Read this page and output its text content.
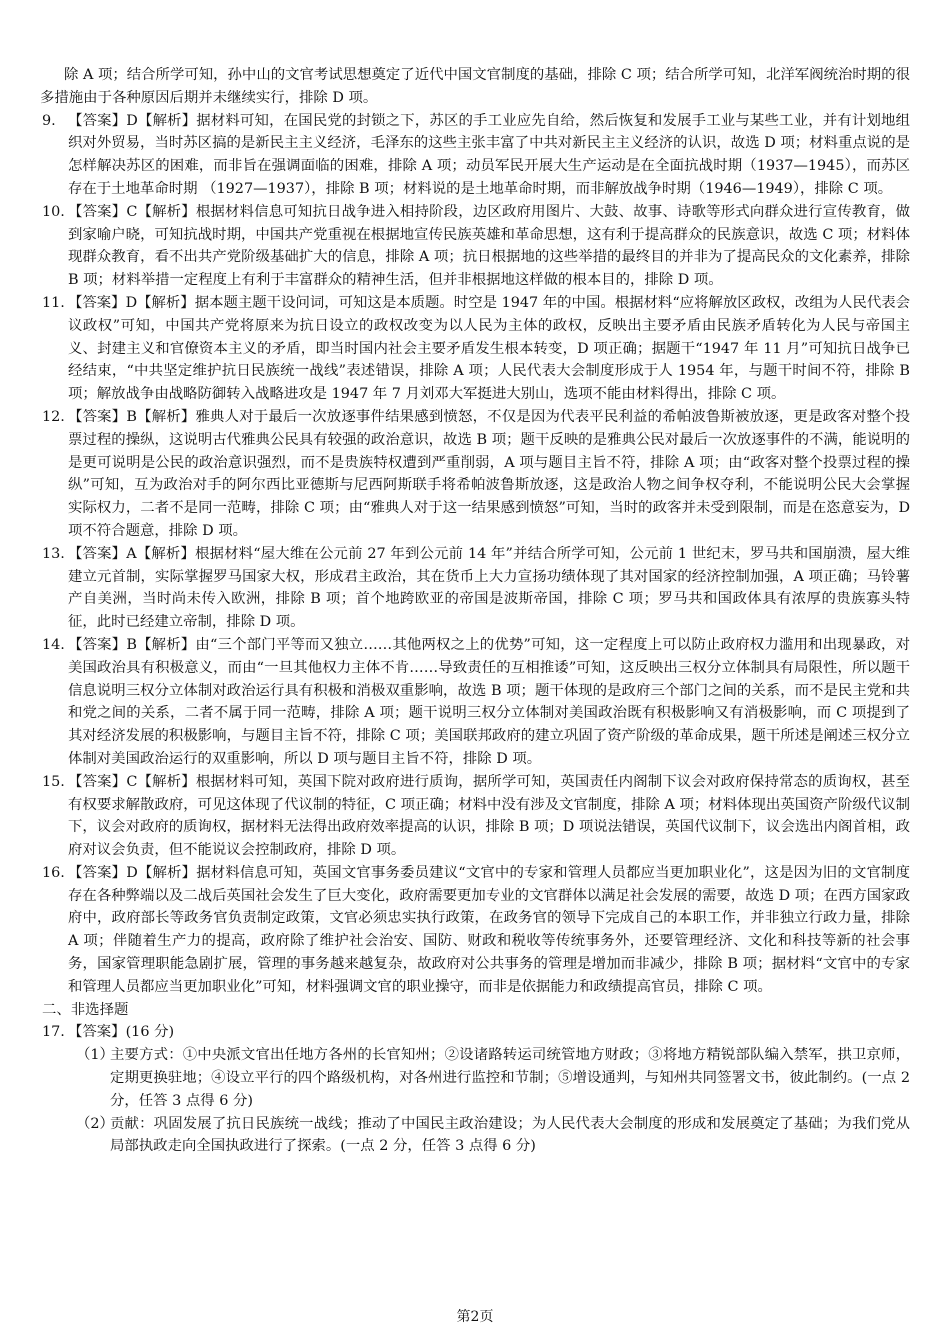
除 A 项；结合所学可知，孙中山的文官考试思想奠定了近代中国文官制度的基础，排除 C 项；结合所学可知，北洋军阀统治时期的很多措施由于各种原因后期并未继续实行，排除 D 项。

9. 【答案】D【解析】据材料可知，在国民党的封锁之下，苏区的手工业应先自给，然后恢复和发展手工业与某些工业，并有计划地组织对外贸易，当时苏区搞的是新民主主义经济，毛泽东的这些主张丰富了中共对新民主主义经济的认识，故选 D 项；材料重点说的是怎样解决苏区的困难，而非旨在强调面临的困难，排除 A 项；动员军民开展大生产运动是在全面抗战时期（1937—1945），而苏区存在于土地革命时期 （1927—1937），排除 B 项；材料说的是土地革命时期，而非解放战争时期（1946—1949），排除 C 项。
10. 【答案】C【解析】根据材料信息可知抗日战争进入相持阶段，边区政府用图片、大鼓、故事、诗歌等形式向群众进行宣传教育，做到家喻户晓，可知抗战时期，中国共产党重视在根据地宣传民族英雄和革命思想，这有利于提高群众的民族意识，故选 C 项；材料体现群众教育，看不出共产党阶级基础扩大的信息，排除 A 项；抗日根据地的这些举措的最终目的并非为了提高民众的文化素养，排除 B 项；材料举措一定程度上有利于丰富群众的精神生活，但并非根据地这样做的根本目的，排除 D 项。
11. 【答案】D【解析】据本题主题干设问词，可知这是本质题。时空是 1947 年的中国。根据材料“应将解放区政权，改组为人民代表会议政权”可知，中国共产党将原来为抗日设立的政权改变为以人民为主体的政权，反映出主要矛盾由民族矛盾转化为人民与帝国主义、封建主义和官僚资本主义的矛盾，即当时国内社会主要矛盾发生根本转变，D 项正确；据题干“1947 年 11 月”可知抗日战争已经结束，“中共坚定维护抗日民族统一战线”表述错误，排除 A 项；人民代表大会制度形成于人 1954 年，与题干时间不符，排除 B 项；解放战争由战略防御转入战略进攻是 1947 年 7 月刘邓大军挺进大别山，选项不能由材料得出，排除 C 项。
12. 【答案】B【解析】雅典人对于最后一次放逐事件结果感到愤怒，不仅是因为代表平民利益的希帕波鲁斯被放逐，更是政客对整个投票过程的操纵，这说明古代雅典公民具有较强的政治意识，故选 B 项；题干反映的是雅典公民对最后一次放逐事件的不满，能说明的是更可说明是公民的政治意识强烈，而不是贵族特权遭到严重削弱，A 项与题目主旨不符，排除 A 项；由“政客对整个投票过程的操纵”可知，互为政治对手的阿尔西比亚德斯与尼西阿斯联手将希帕波鲁斯放逐，这是政治人物之间争权夺利，不能说明公民大会掌握实际权力，二者不是同一范畴，排除 C 项；由“雅典人对于这一结果感到愤怒”可知，当时的政客并未受到限制，而是在恣意妄为，D 项不符合题意，排除 D 项。
13. 【答案】A【解析】根据材料“屋大维在公元前 27 年到公元前 14 年”并结合所学可知，公元前 1 世纪末，罗马共和国崩溃，屋大维建立元首制，实际掌握罗马国家大权，形成君主政治，其在货币上大力宣扬功绩体现了其对国家的经济控制加强，A 项正确；马铃薯产自美洲，当时尚未传入欧洲，排除 B 项；首个地跨欧亚的帝国是波斯帝国，排除 C 项；罗马共和国政体具有浓厚的贵族寡头特征，此时已经建立帝制，排除 D 项。
14. 【答案】B【解析】由“三个部门平等而又独立……其他两权之上的优势”可知，这一定程度上可以防止政府权力滥用和出现暴政，对美国政治具有积极意义，而由“一旦其他权力主体不肯……导致责任的互相推诿”可知，这反映出三权分立体制具有局限性，所以题干信息说明三权分立体制对政治运行具有积极和消极双重影响，故选 B 项；题干体现的是政府三个部门之间的关系，而不是民主党和共和党之间的关系，二者不属于同一范畴，排除 A 项；题干说明三权分立体制对美国政治既有积极影响又有消极影响，而 C 项提到了其对经济发展的积极影响，与题目主旨不符，排除 C 项；美国联邦政府的建立巩固了资产阶级的革命成果，题干所述是阐述三权分立体制对美国政治运行的双重影响，所以 D 项与题目主旨不符，排除 D 项。
15. 【答案】C【解析】根据材料可知，英国下院对政府进行质询，据所学可知，英国责任内阁制下议会对政府保持常态的质询权，甚至有权要求解散政府，可见这体现了代议制的特征，C 项正确；材料中没有涉及文官制度，排除 A 项；材料体现出英国资产阶级代议制下，议会对政府的质询权，据材料无法得出政府效率提高的认识，排除 B 项；D 项说法错误，英国代议制下，议会选出内阁首相，政府对议会负责，但不能说议会控制政府，排除 D 项。
16. 【答案】D【解析】据材料信息可知，英国文官事务委员建议“文官中的专家和管理人员都应当更加职业化”，这是因为旧的文官制度存在各种弊端以及二战后英国社会发生了巨大变化，政府需要更加专业的文官群体以满足社会发展的需要，故选 D 项；在西方国家政府中，政府部长等政务官负责制定政策，文官必须忠实执行政策，在政务官的领导下完成自己的本职工作，并非独立行政力量，排除 A 项；伴随着生产力的提高，政府除了维护社会治安、国防、财政和税收等传统事务外，还要管理经济、文化和科技等新的社会事务，国家管理职能急剧扩展，管理的事务越来越复杂，故政府对公共事务的管理是增加而非减少，排除 B 项；据材料“文官中的专家和管理人员都应当更加职业化”可知，材料强调文官的职业操守，而非是依据能力和政绩提高官员，排除 C 项。

二、非选择题

17. 【答案】(16 分)
（1）
主要方式：①中央派文官出任地方各州的长官知州；②设诸路转运司统管地方财政；③将地方精锐部队编入禁军，拱卫京师，定期更换驻地；④设立平行的四个路级机构，对各州进行监控和节制；⑤增设通判，与知州共同签署文书，彼此制约。(一点 2 分，任答 3 点得 6 分)
（2）
贡献：巩固发展了抗日民族统一战线；推动了中国民主政治建设；为人民代表大会制度的形成和发展奠定了基础；为我们党从局部执政走向全国执政进行了探索。(一点 2 分，任答 3 点得 6 分)
第2页
